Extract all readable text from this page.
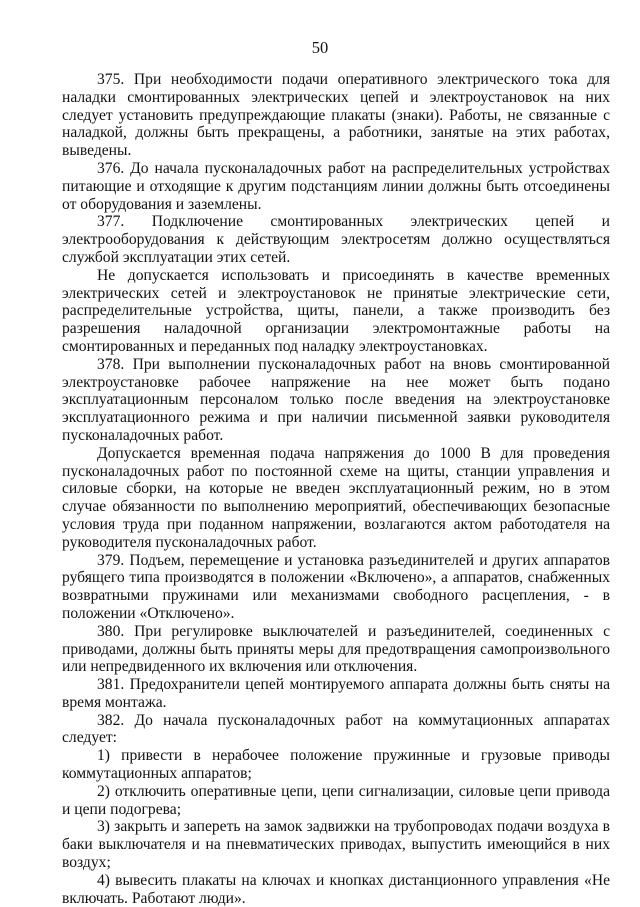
50

375. При необходимости подачи оперативного электрического тока для наладки смонтированных электрических цепей и электроустановок на них следует установить предупреждающие плакаты (знаки). Работы, не связанные с наладкой, должны быть прекращены, а работники, занятые на этих работах, выведены.

376. До начала пусконаладочных работ на распределительных устройствах питающие и отходящие к другим подстанциям линии должны быть отсоединены от оборудования и заземлены.

377. Подключение смонтированных электрических цепей и электрооборудования к действующим электросетям должно осуществляться службой эксплуатации этих сетей.

Не допускается использовать и присоединять в качестве временных электрических сетей и электроустановок не принятые электрические сети, распределительные устройства, щиты, панели, а также производить без разрешения наладочной организации электромонтажные работы на смонтированных и переданных под наладку электроустановках.

378. При выполнении пусконаладочных работ на вновь смонтированной электроустановке рабочее напряжение на нее может быть подано эксплуатационным персоналом только после введения на электроустановке эксплуатационного режима и при наличии письменной заявки руководителя пусконаладочных работ.

Допускается временная подача напряжения до 1000 В для проведения пусконаладочных работ по постоянной схеме на щиты, станции управления и силовые сборки, на которые не введен эксплуатационный режим, но в этом случае обязанности по выполнению мероприятий, обеспечивающих безопасные условия труда при поданном напряжении, возлагаются актом работодателя на руководителя пусконаладочных работ.

379. Подъем, перемещение и установка разъединителей и других аппаратов рубящего типа производятся в положении «Включено», а аппаратов, снабженных возвратными пружинами или механизмами свободного расцепления, - в положении «Отключено».

380. При регулировке выключателей и разъединителей, соединенных с приводами, должны быть приняты меры для предотвращения самопроизвольного или непредвиденного их включения или отключения.

381. Предохранители цепей монтируемого аппарата должны быть сняты на время монтажа.

382. До начала пусконаладочных работ на коммутационных аппаратах следует:

1) привести в нерабочее положение пружинные и грузовые приводы коммутационных аппаратов;

2) отключить оперативные цепи, цепи сигнализации, силовые цепи привода и цепи подогрева;

3) закрыть и запереть на замок задвижки на трубопроводах подачи воздуха в баки выключателя и на пневматических приводах, выпустить имеющийся в них воздух;

4) вывесить плакаты на ключах и кнопках дистанционного управления «Не включать. Работают люди».
